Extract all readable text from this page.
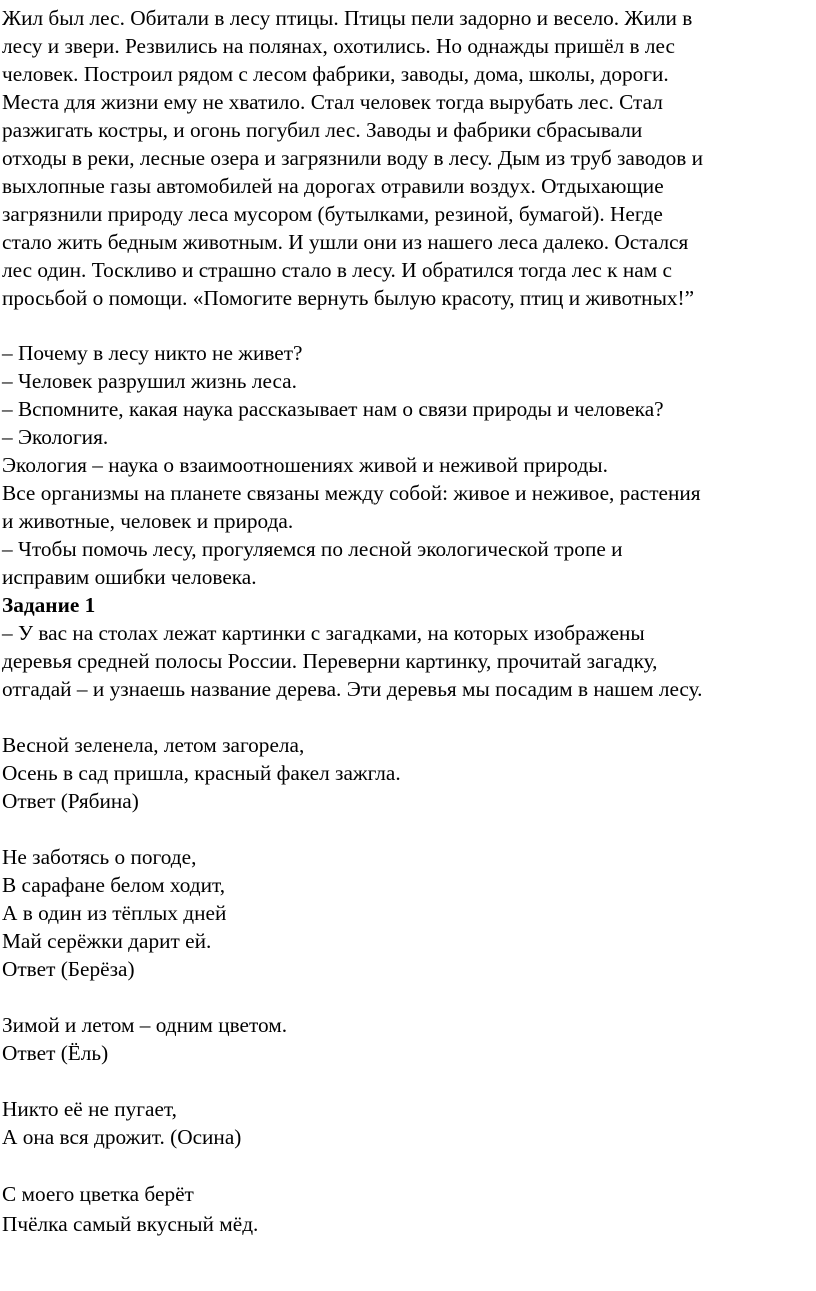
Жил был лес. Обитали в лесу птицы. Птицы пели задорно и весело. Жили в
лесу и звери. Резвились на полянах, охотились. Но однажды пришёл в лес
человек. Построил рядом с лесом фабрики, заводы, дома, школы, дороги.
Места для жизни ему не хватило. Стал человек тогда вырубать лес. Стал
разжигать костры, и огонь погубил лес. Заводы и фабрики сбрасывали
отходы в реки, лесные озера и загрязнили воду в лесу. Дым из труб заводов и
выхлопные газы автомобилей на дорогах отравили воздух. Отдыхающие
загрязнили природу леса мусором (бутылками, резиной, бумагой). Негде
стало жить бедным животным. И ушли они из нашего леса далеко. Остался
лес один. Тоскливо и страшно стало в лесу. И обратился тогда лес к нам с
просьбой о помощи. «Помогите вернуть былую красоту, птиц и животных!”
– Почему в лесу никто не живет?
– Человек разрушил жизнь леса.
– Вспомните, какая наука рассказывает нам о связи природы и человека?
– Экология.
Экология – наука о взаимоотношениях живой и неживой природы.
Все организмы на планете связаны между собой: живое и неживое, растения
и животные, человек и природа.
– Чтобы помочь лесу, прогуляемся по лесной экологической тропе и
исправим ошибки человека.
Задание 1
– У вас на столах лежат картинки с загадками, на которых изображены
деревья средней полосы России. Переверни картинку, прочитай загадку,
отгадай – и узнаешь название дерева. Эти деревья мы посадим в нашем лесу.
Весной зеленела, летом загорела,
Осень в сад пришла, красный факел зажгла.
Ответ (Рябина)
Не заботясь о погоде,
В сарафане белом ходит,
А в один из тёплых дней
Май серёжки дарит ей.
Ответ (Берёза)
Зимой и летом – одним цветом.
Ответ (Ёль)
Никто её не пугает,
А она вся дрожит. (Осина)
С моего цветка берёт
Пчёлка самый вкусный мёд.
